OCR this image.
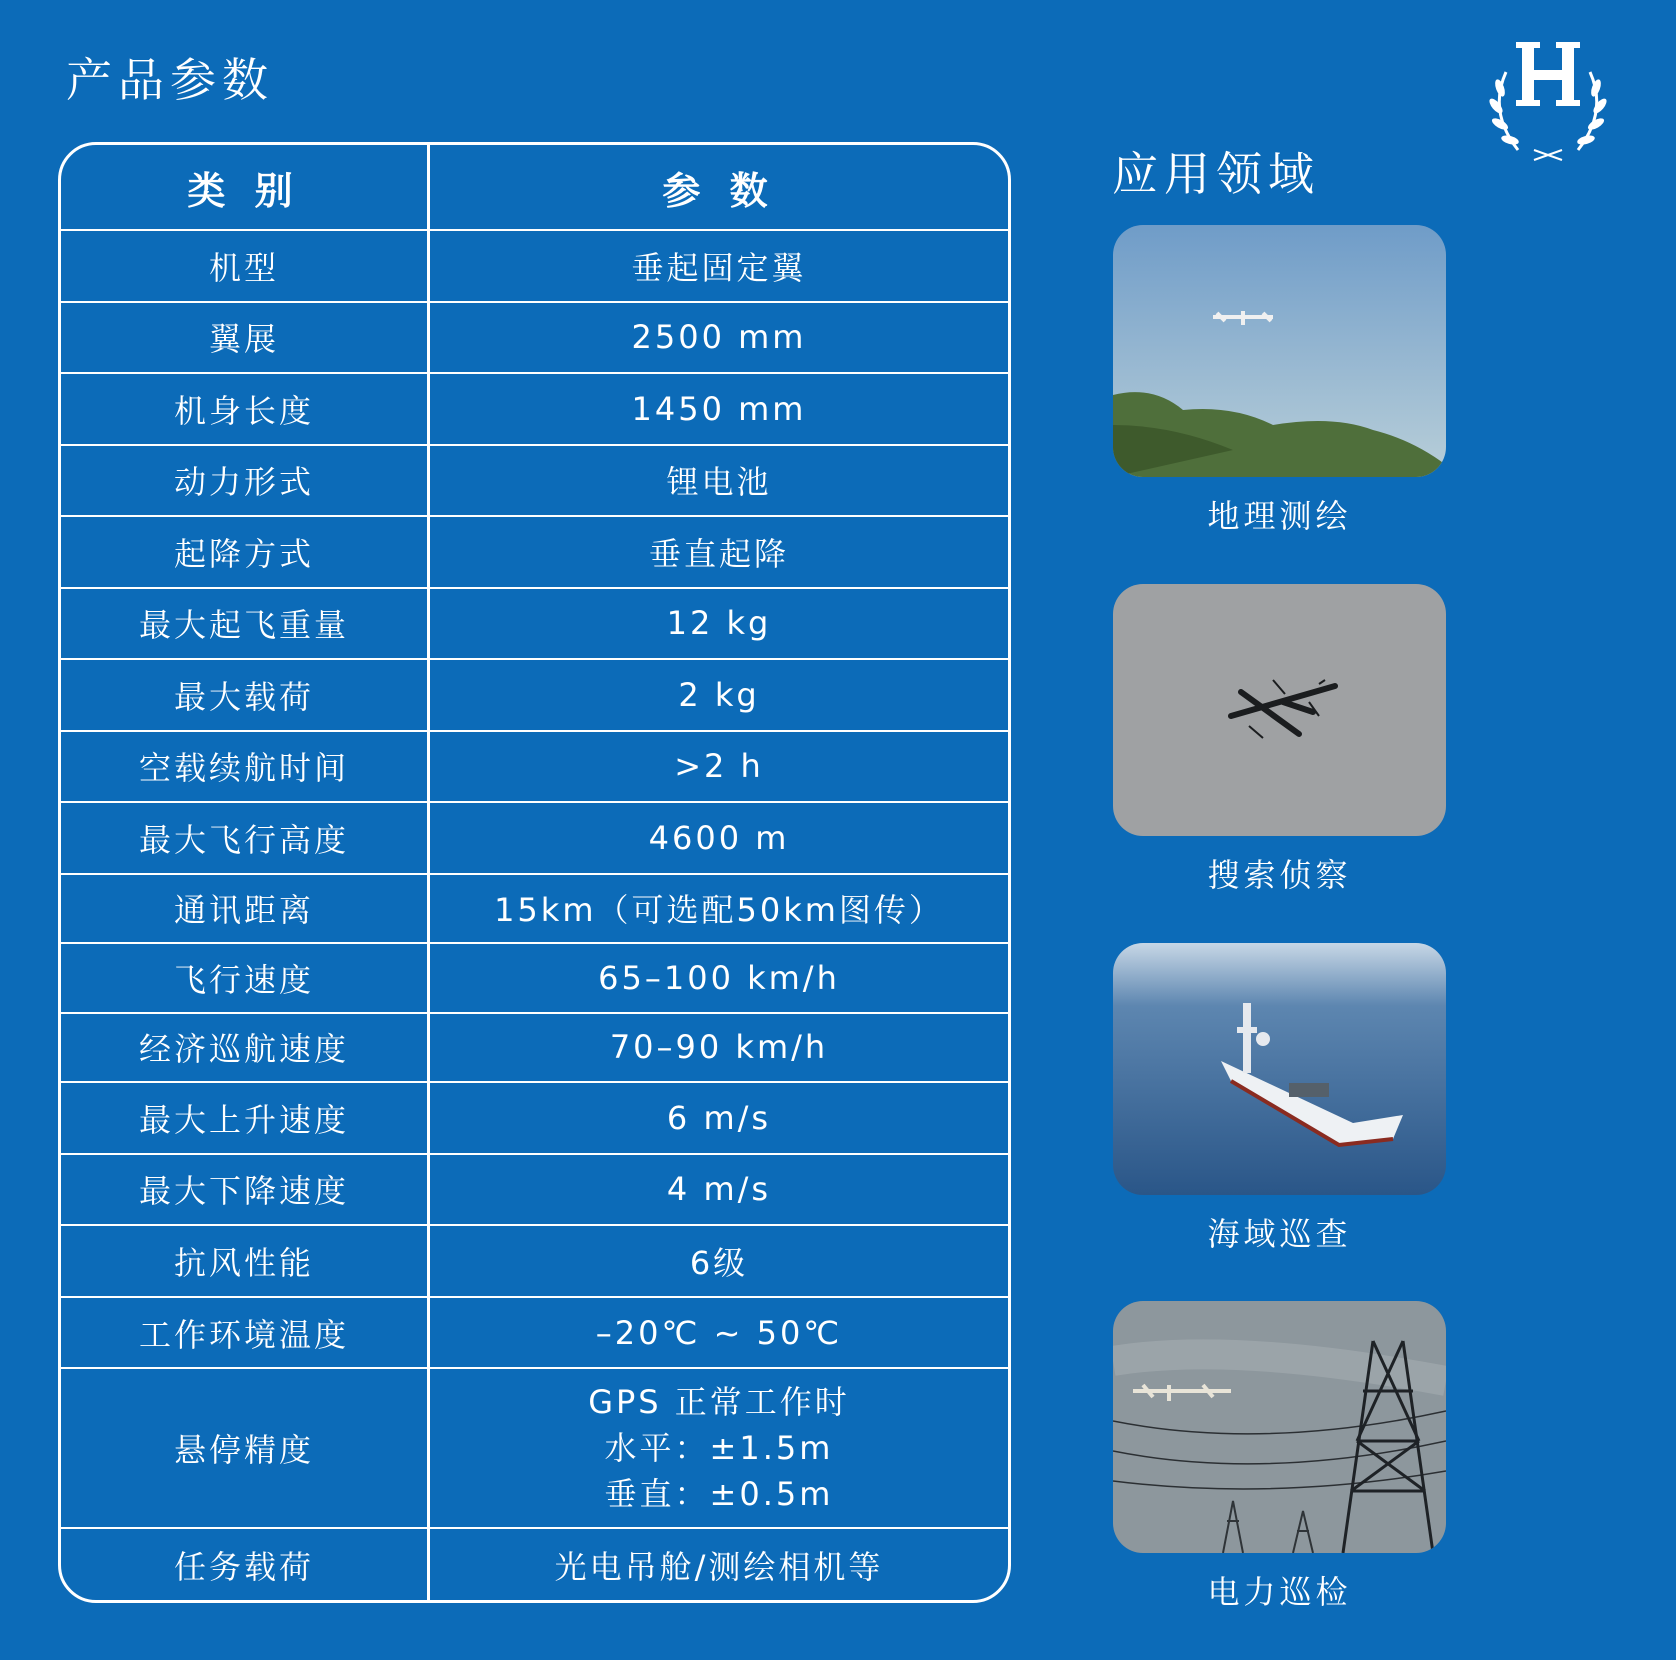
产品参数
类 别	参 数
机型	垂起固定翼
翼展	2500 mm
机身长度	1450 mm
动力形式	锂电池
起降方式	垂直起降
最大起飞重量	12 kg
最大载荷	2 kg
空载续航时间	>2 h
最大飞行高度	4600 m
通讯距离	15km（可选配50km图传）
飞行速度	65–100 km/h
经济巡航速度	70–90 km/h
最大上升速度	6 m/s
最大下降速度	4 m/s
抗风性能	6级
工作环境温度	–20℃ ~ 50℃
悬停精度	GPS 正常工作时
水平：±1.5m
垂直：±0.5m

任务载荷	光电吊舱/测绘相机等
应用领域
地理测绘
搜索侦察
海域巡查
电力巡检
